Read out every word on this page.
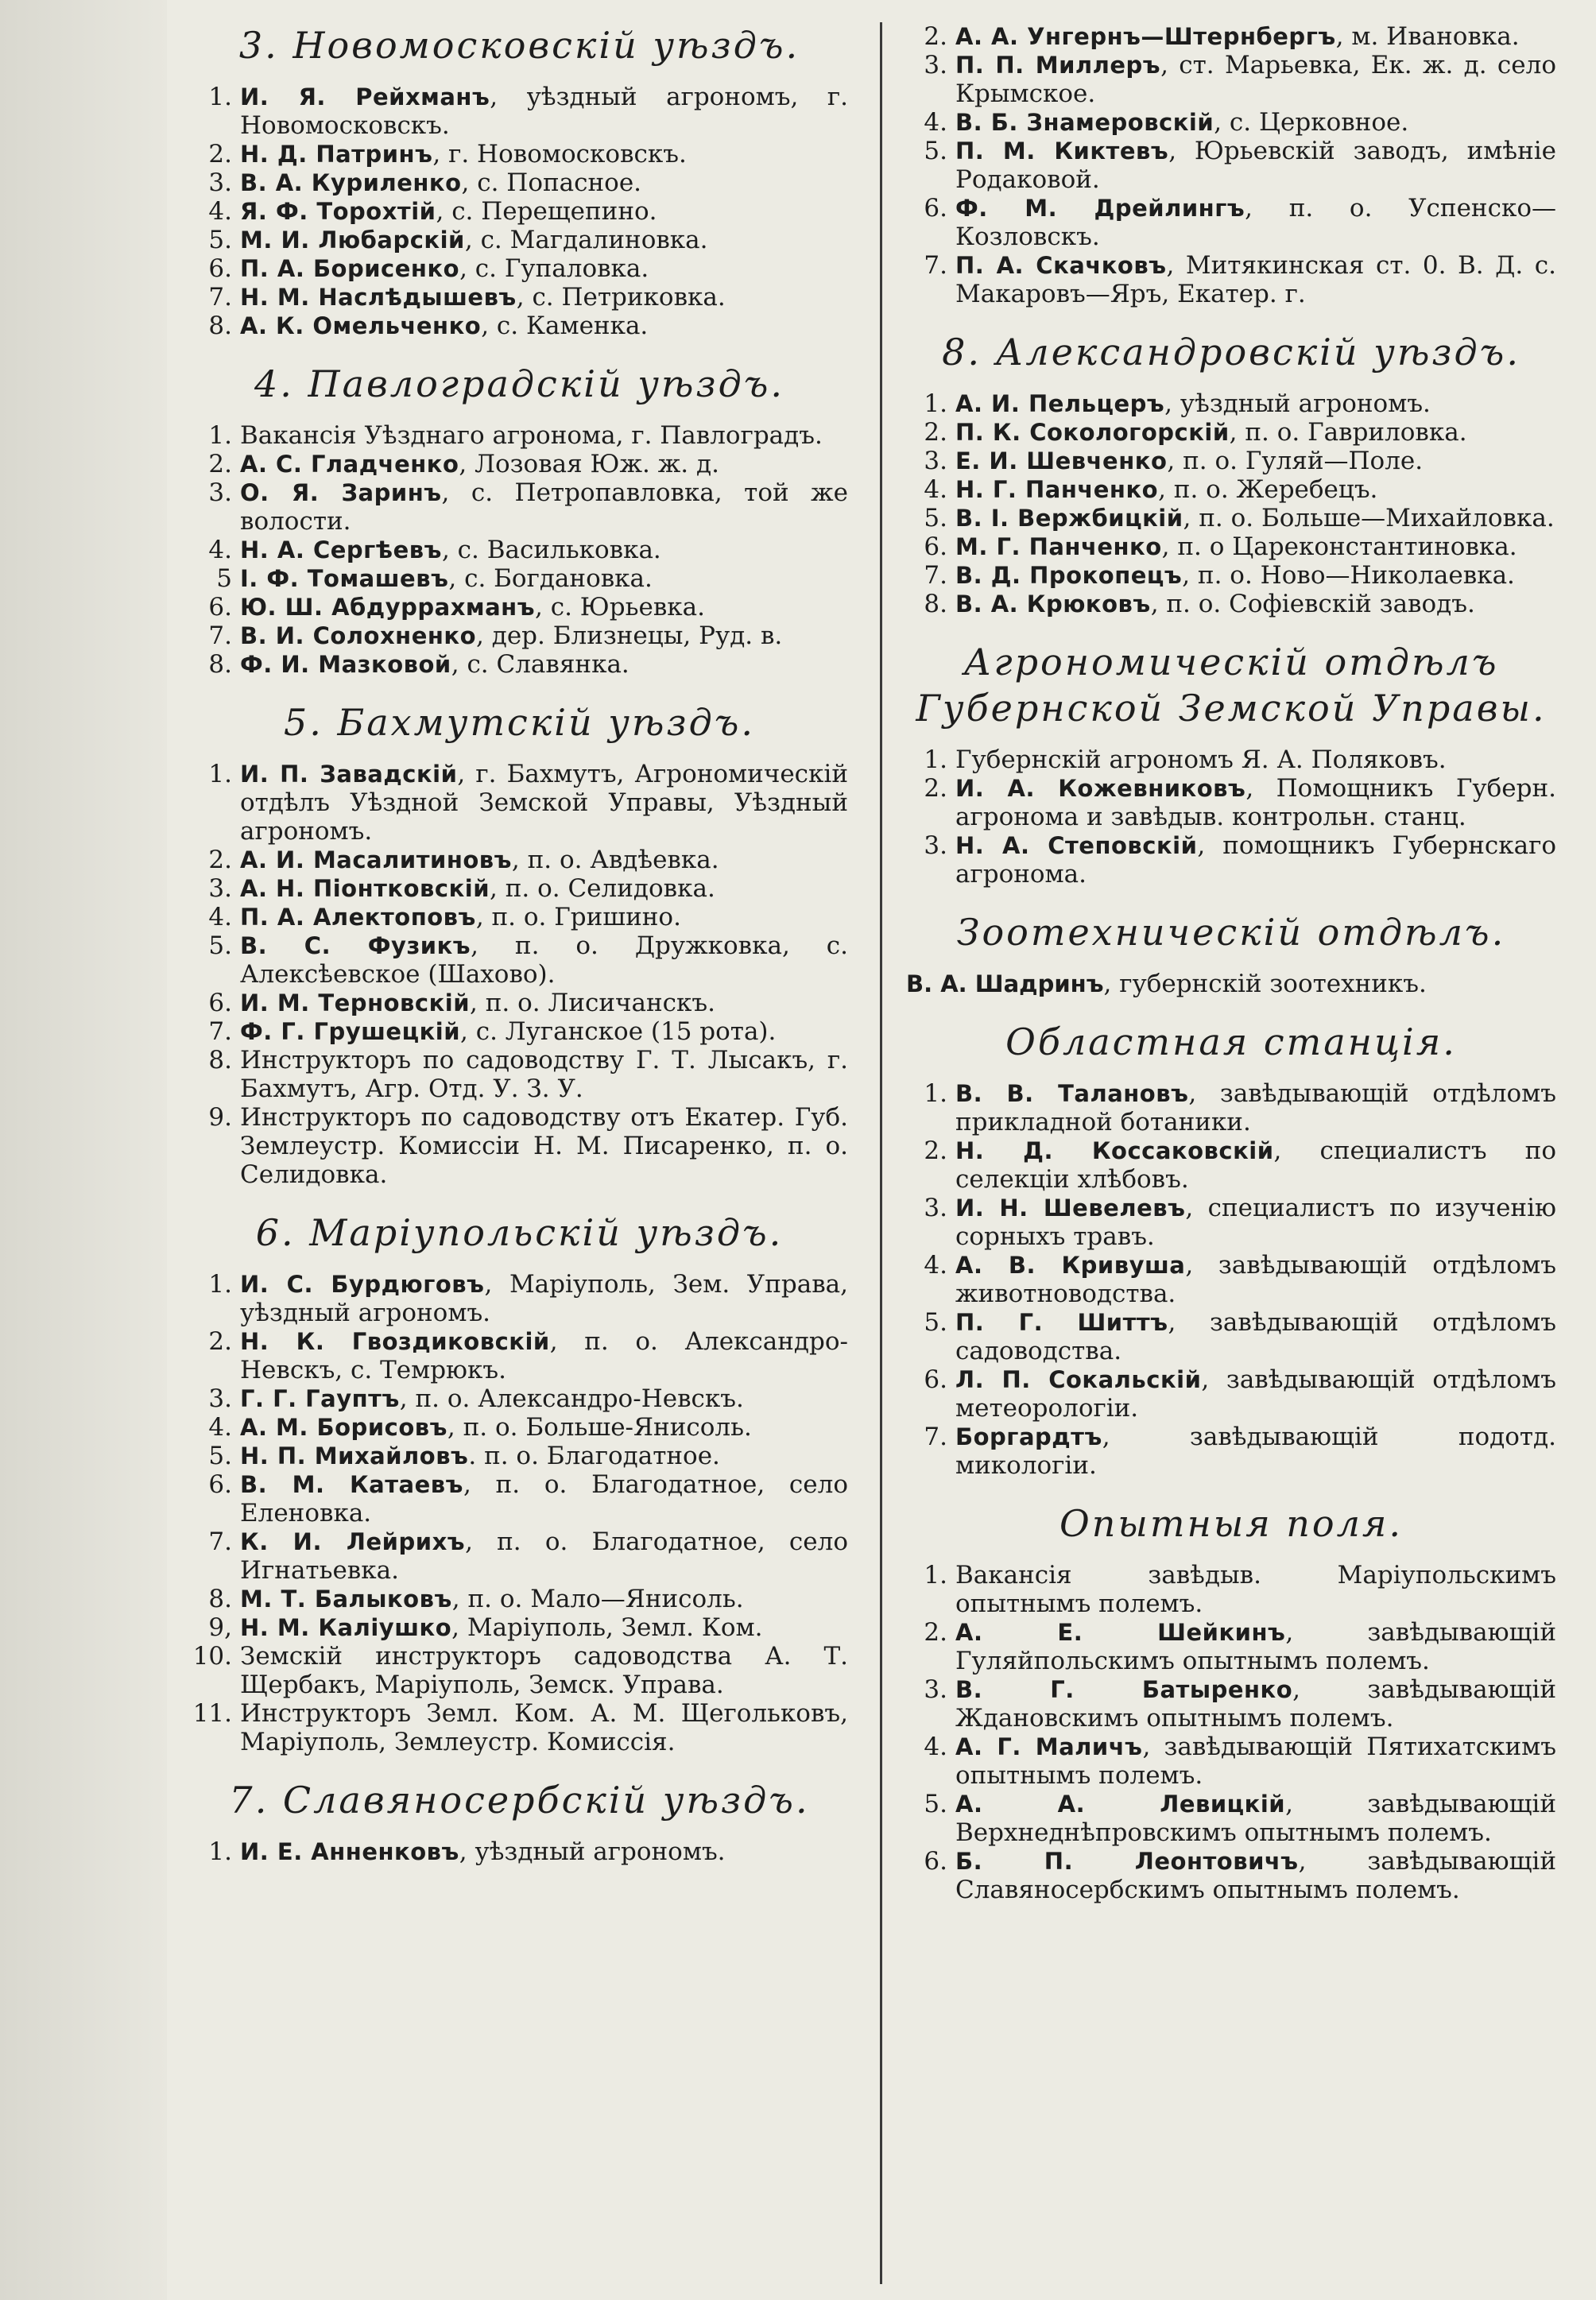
3. Новомосковскiй уѣздъ.
1. И. Я. Рейхманъ, уѣздный агрономъ, г. Новомосковскъ.
2. Н. Д. Патринъ, г. Новомосковскъ.
3. В. А. Куриленко, с. Попасное.
4. Я. Ф. Торохтiй, с. Перещепино.
5. М. И. Любарскiй, с. Магдалиновка.
6. П. А. Борисенко, с. Гупаловка.
7. Н. М. Наслѣдышевъ, с. Петриковка.
8. А. К. Омельченко, с. Каменка.
4. Павлоградскiй уѣздъ.
1. Вакансiя Уѣзднаго агронома, г. Павлоградъ.
2. А. С. Гладченко, Лозовая Юж. ж. д.
3. О. Я. Заринъ, с. Петропавловка, той же волости.
4. Н. А. Сергѣевъ, с. Васильковка.
5 I. Ф. Томашевъ, с. Богдановка.
6. Ю. Ш. Абдуррахманъ, с. Юрьевка.
7. В. И. Солохненко, дер. Близнецы, Руд. в.
8. Ф. И. Мазковой, с. Славянка.
5. Бахмутскiй уѣздъ.
1. И. П. Завадскiй, г. Бахмутъ, Агрономическiй отдѣлъ Уѣздной Земской Управы, Уѣздный агрономъ.
2. А. И. Масалитиновъ, п. о. Авдѣевка.
3. А. Н. Пiонтковскiй, п. о. Селидовка.
4. П. А. Алектоповъ, п. о. Гришино.
5. В. С. Фузикъ, п. о. Дружковка, с. Алексѣевское (Шахово).
6. И. М. Терновскiй, п. о. Лисичанскъ.
7. Ф. Г. Грушецкiй, с. Луганское (15 рота).
8. Инструкторъ по садоводству Г. Т. Лысакъ, г. Бахмутъ, Агр. Отд. У. З. У.
9. Инструкторъ по садоводству отъ Екатер. Губ. Землеустр. Комиссiи Н. М. Писаренко, п. о. Селидовка.
6. Марiупольскiй уѣздъ.
1. И. С. Бурдюговъ, Марiуполь, Зем. Управа, уѣздный агрономъ.
2. Н. К. Гвоздиковскiй, п. о. Александро-Невскъ, с. Темрюкъ.
3. Г. Г. Гауптъ, п. о. Александро-Невскъ.
4. А. М. Борисовъ, п. о. Больше-Янисоль.
5. Н. П. Михайловъ. п. о. Благодатное.
6. В. М. Катаевъ, п. о. Благодатное, село Еленовка.
7. К. И. Лейрихъ, п. о. Благодатное, село Игнатьевка.
8. М. Т. Балыковъ, п. о. Мало—Янисоль.
9, Н. М. Калiушко, Марiуполь, Земл. Ком.
10. Земскiй инструкторъ садоводства А. Т. Щербакъ, Марiуполь, Земск. Управа.
11. Инструкторъ Земл. Ком. А. М. Щегольковъ, Марiуполь, Землеустр. Комиссiя.
7. Славяносербскiй уѣздъ.
1. И. Е. Анненковъ, уѣздный агрономъ.
2. А. А. Унгернъ—Штернбергъ, м. Ивановка.
3. П. П. Миллеръ, ст. Марьевка, Ек. ж. д. село Крымское.
4. В. Б. Знамеровскiй, с. Церковное.
5. П. М. Киктевъ, Юрьевскiй заводъ, имѣнiе Родаковой.
6. Ф. М. Дрейлингъ, п. о. Успенско—Козловскъ.
7. П. А. Скачковъ, Митякинская ст. 0. В. Д. с. Макаровъ—Яръ, Екатер. г.
8. Александровскiй уѣздъ.
1. А. И. Пельцеръ, уѣздный агрономъ.
2. П. К. Сокологорскiй, п. о. Гавриловка.
3. Е. И. Шевченко, п. о. Гуляй—Поле.
4. Н. Г. Панченко, п. о. Жеребецъ.
5. В. I. Вержбицкiй, п. о. Больше—Михайловка.
6. М. Г. Панченко, п. о Цареконстантиновка.
7. В. Д. Прокопецъ, п. о. Ново—Николаевка.
8. В. А. Крюковъ, п. о. Софiевскiй заводъ.
Агрономическiй отдѣлъ Губернской Земской Управы.
1. Губернскiй агрономъ Я. А. Поляковъ.
2. И. А. Кожевниковъ, Помощникъ Губерн. агронома и завѣдыв. контрольн. станц.
3. Н. А. Степовскiй, помощникъ Губернскаго агронома.
Зоотехническiй отдѣлъ.

В. А. Шадринъ, губернскiй зоотехникъ.

Областная станцiя.
1. В. В. Талановъ, завѣдывающiй отдѣломъ прикладной ботаники.
2. Н. Д. Коссаковскiй, специалистъ по селекцiи хлѣбовъ.
3. И. Н. Шевелевъ, специалистъ по изученiю сорныхъ травъ.
4. А. В. Кривуша, завѣдывающiй отдѣломъ животноводства.
5. П. Г. Шиттъ, завѣдывающiй отдѣломъ садоводства.
6. Л. П. Сокальскiй, завѣдывающiй отдѣломъ метеорологiи.
7. Боргардтъ, завѣдывающiй подотд. микологiи.
Опытныя поля.
1. Вакансiя завѣдыв. Марiупольскимъ опытнымъ полемъ.
2. А. Е. Шейкинъ, завѣдывающiй Гуляйпольскимъ опытнымъ полемъ.
3. В. Г. Батыренко, завѣдывающiй Ждановскимъ опытнымъ полемъ.
4. А. Г. Маличъ, завѣдывающiй Пятихатскимъ опытнымъ полемъ.
5. А. А. Левицкiй, завѣдывающiй Верхнеднѣпровскимъ опытнымъ полемъ.
6. Б. П. Леонтовичъ, завѣдывающiй Славяносербскимъ опытнымъ полемъ.
